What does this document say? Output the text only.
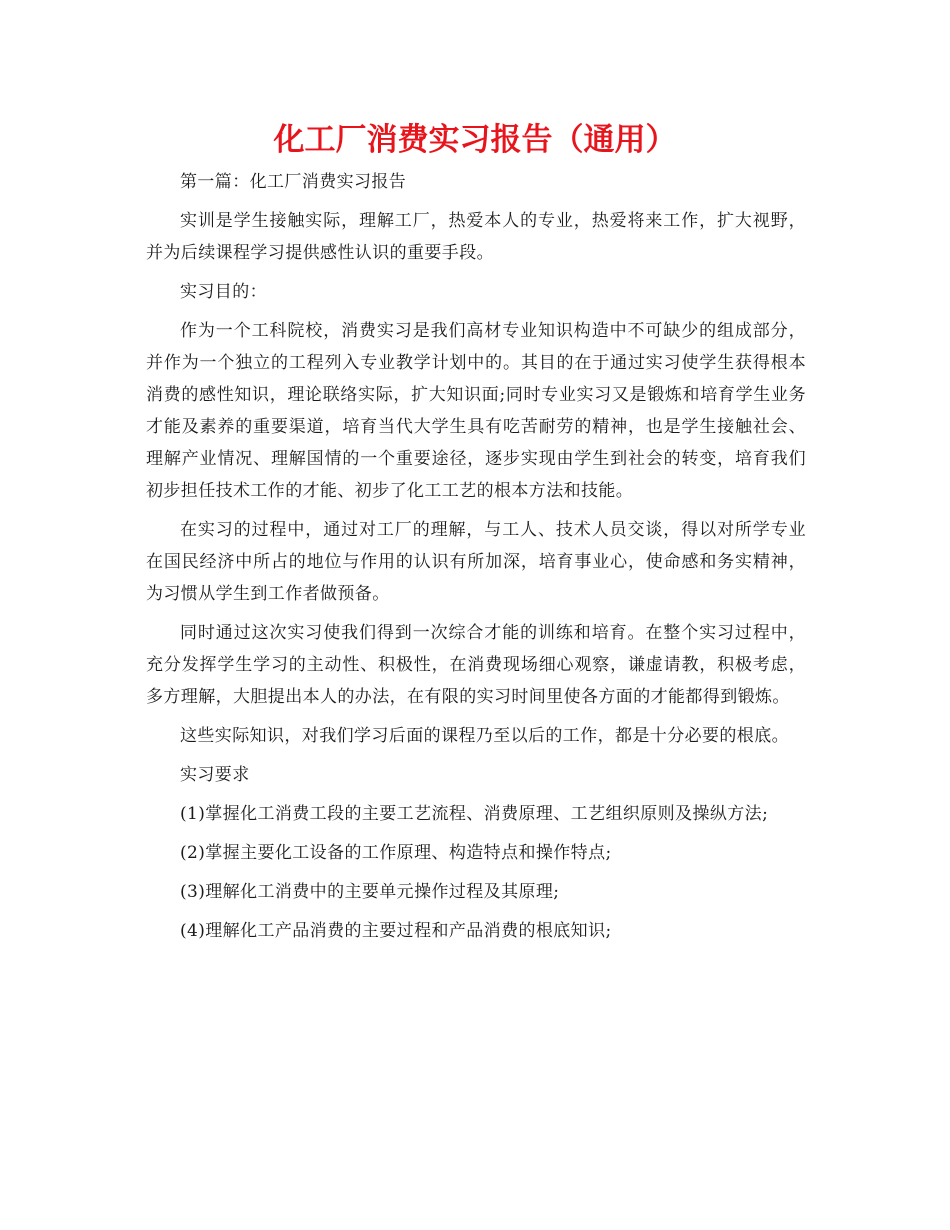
化工厂消费实习报告（通用）

第一篇：化工厂消费实习报告

实训是学生接触实际，理解工厂，热爱本人的专业，热爱将来工作，扩大视野，并为后续课程学习提供感性认识的重要手段。

实习目的：

作为一个工科院校，消费实习是我们高材专业知识构造中不可缺少的组成部分，并作为一个独立的工程列入专业教学计划中的。其目的在于通过实习使学生获得根本消费的感性知识，理论联络实际，扩大知识面;同时专业实习又是锻炼和培育学生业务才能及素养的重要渠道，培育当代大学生具有吃苦耐劳的精神，也是学生接触社会、理解产业情况、理解国情的一个重要途径，逐步实现由学生到社会的转变，培育我们初步担任技术工作的才能、初步了化工工艺的根本方法和技能。

在实习的过程中，通过对工厂的理解，与工人、技术人员交谈，得以对所学专业在国民经济中所占的地位与作用的认识有所加深，培育事业心，使命感和务实精神，为习惯从学生到工作者做预备。

同时通过这次实习使我们得到一次综合才能的训练和培育。在整个实习过程中，充分发挥学生学习的主动性、积极性，在消费现场细心观察，谦虚请教，积极考虑，多方理解，大胆提出本人的办法，在有限的实习时间里使各方面的才能都得到锻炼。

这些实际知识，对我们学习后面的课程乃至以后的工作，都是十分必要的根底。

实习要求

(1)掌握化工消费工段的主要工艺流程、消费原理、工艺组织原则及操纵方法;

(2)掌握主要化工设备的工作原理、构造特点和操作特点;

(3)理解化工消费中的主要单元操作过程及其原理;

(4)理解化工产品消费的主要过程和产品消费的根底知识;
